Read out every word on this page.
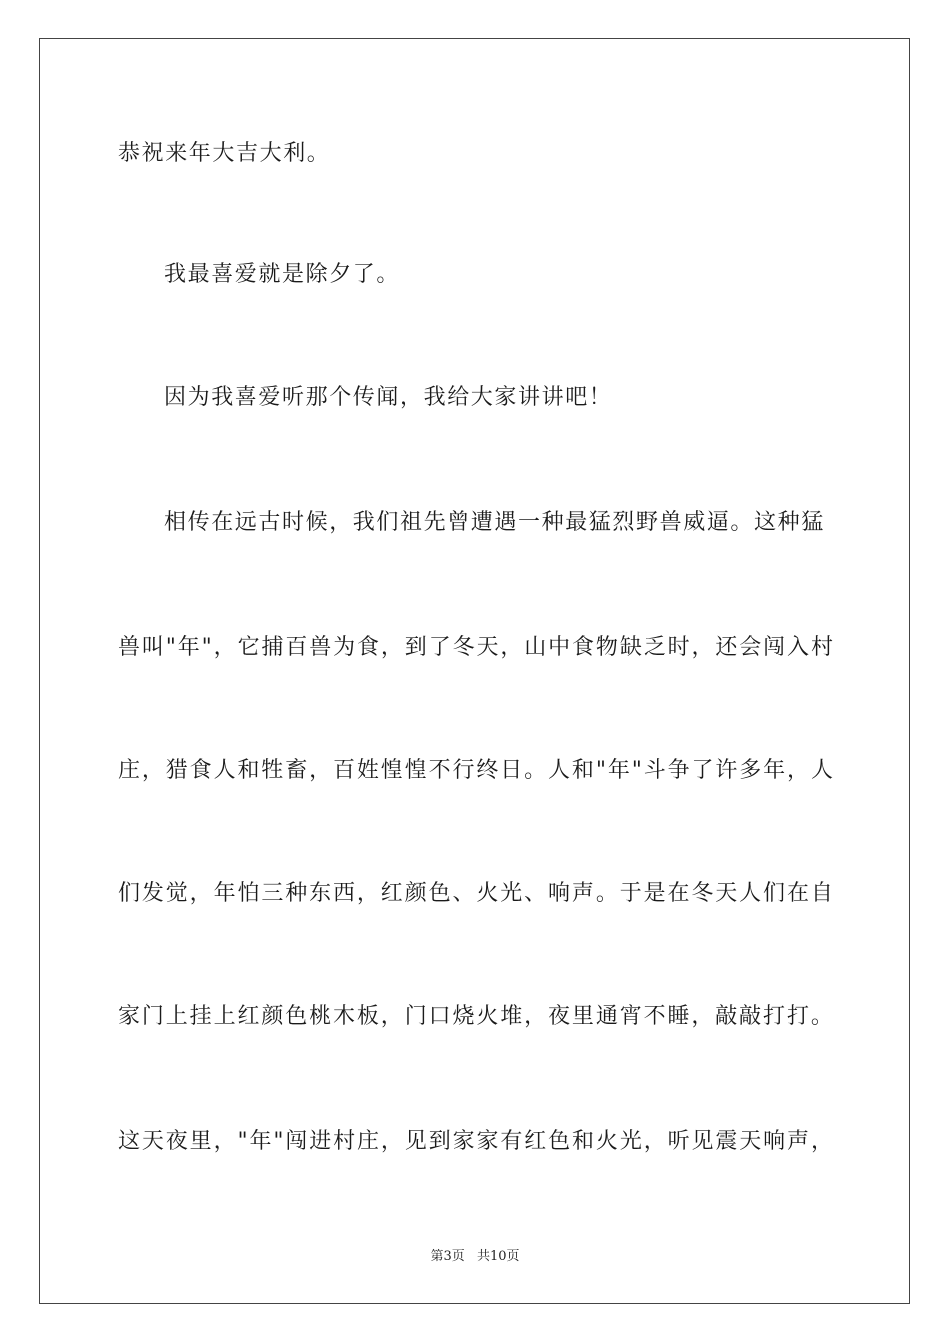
恭祝来年大吉大利。
我最喜爱就是除夕了。
因为我喜爱听那个传闻，我给大家讲讲吧！
相传在远古时候，我们祖先曾遭遇一种最猛烈野兽威逼。这种猛
兽 叫 " 年 " ， 它 捕 百 兽 为 食 ， 到 了 冬 天 ， 山 中 食 物 缺 乏 时 ， 还 会 闯 入 村
庄 ， 猎 食 人 和 牲 畜 ， 百 姓 惶 惶 不 行 终 日 。 人 和 " 年 " 斗 争 了 许 多 年 ， 人
们 发 觉 ， 年 怕 三 种 东 西 ， 红 颜 色 、 火 光 、 响 声 。 于 是 在 冬 天 人 们 在 自
家 门 上 挂 上 红 颜 色 桃 木 板 ， 门 口 烧 火 堆 ， 夜 里 通 宵 不 睡 ， 敲 敲 打 打 。
这 天 夜 里 ， " 年 " 闯 进 村 庄 ， 见 到 家 家 有 红 色 和 火 光 ， 听 见 震 天 响 声 ，
第3页 共10页
